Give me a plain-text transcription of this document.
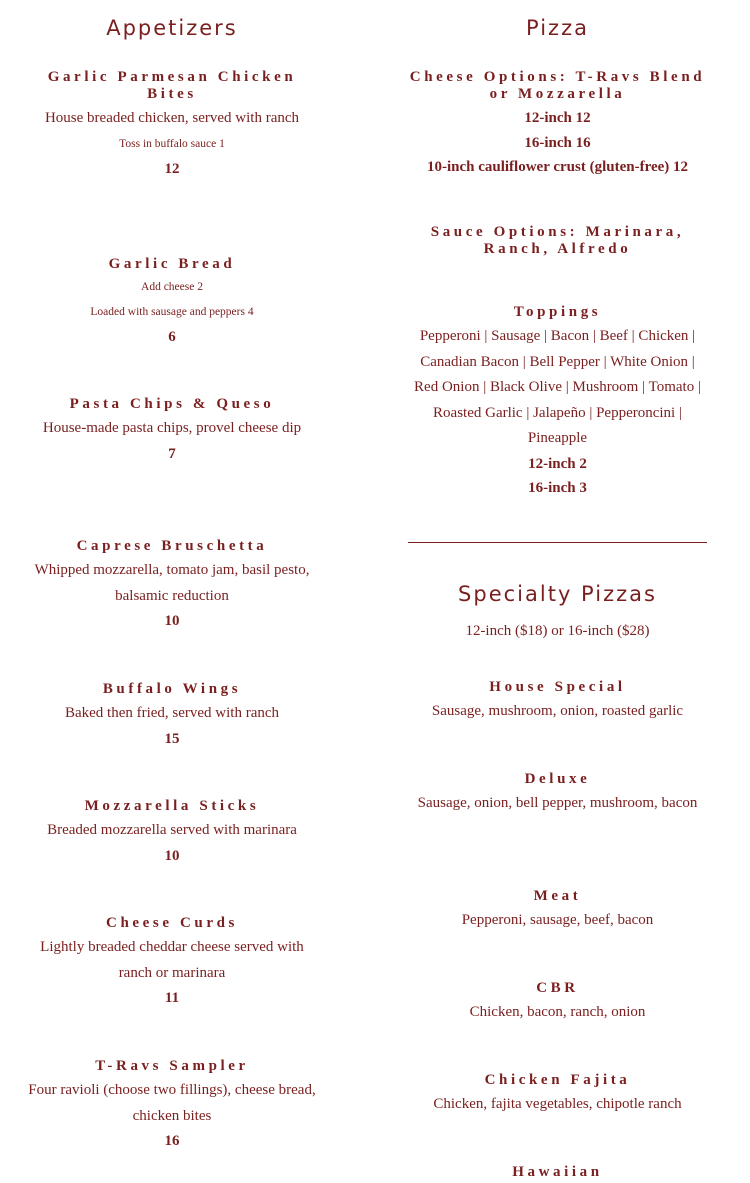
Appetizers
Garlic Parmesan Chicken Bites
House breaded chicken, served with ranch
Toss in buffalo sauce 1
12
Garlic Bread
Add cheese 2
Loaded with sausage and peppers 4
6
Pasta Chips & Queso
House-made pasta chips, provel cheese dip
7
Caprese Bruschetta
Whipped mozzarella, tomato jam, basil pesto, balsamic reduction
10
Buffalo Wings
Baked then fried, served with ranch
15
Mozzarella Sticks
Breaded mozzarella served with marinara
10
Cheese Curds
Lightly breaded cheddar cheese served with ranch or marinara
11
T-Ravs Sampler
Four ravioli (choose two fillings), cheese bread, chicken bites
16
Pizza
Cheese Options: T-Ravs Blend or Mozzarella
12-inch 12
16-inch 16
10-inch cauliflower crust (gluten-free) 12
Sauce Options: Marinara, Ranch, Alfredo
Toppings
Pepperoni | Sausage | Bacon | Beef | Chicken | Canadian Bacon | Bell Pepper | White Onion | Red Onion | Black Olive | Mushroom | Tomato | Roasted Garlic | Jalapeño | Pepperoncini | Pineapple
12-inch 2
16-inch 3
Specialty Pizzas
12-inch ($18) or 16-inch ($28)
House Special
Sausage, mushroom, onion, roasted garlic
Deluxe
Sausage, onion, bell pepper, mushroom, bacon
Meat
Pepperoni, sausage, beef, bacon
CBR
Chicken, bacon, ranch, onion
Chicken Fajita
Chicken, fajita vegetables, chipotle ranch
Hawaiian
